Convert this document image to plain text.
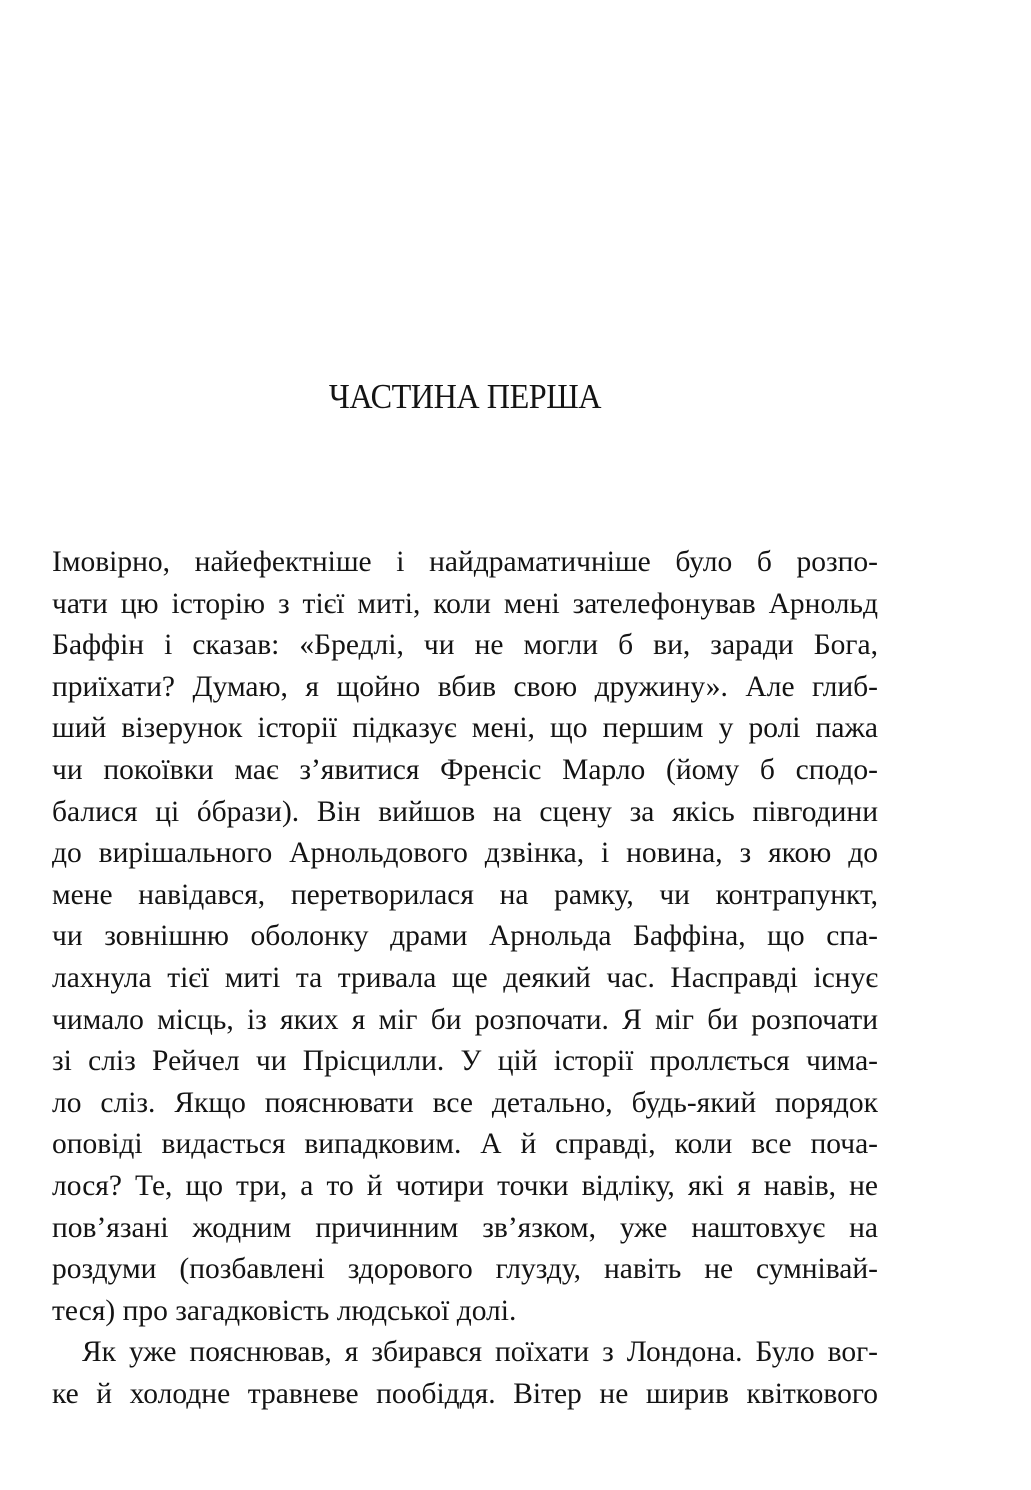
ЧАСТИНА ПЕРША
Імовірно, найефектніше і найдраматичніше було б розпо-
чати цю історію з тієї миті, коли мені зателефонував Арнольд
Баффін і сказав: «Бредлі, чи не могли б ви, заради Бога,
приїхати? Думаю, я щойно вбив свою дружину». Але глиб-
ший візерунок історії підказує мені, що першим у ролі пажа
чи покоївки має з’явитися Френсіс Марло (йому б сподо-
балися ці óбрази). Він вийшов на сцену за якісь півгодини
до вирішального Арнольдового дзвінка, і новина, з якою до
мене навідався, перетворилася на рамку, чи контрапункт,
чи зовнішню оболонку драми Арнольда Баффіна, що спа-
лахнула тієї миті та тривала ще деякий час. Насправді існує
чимало місць, із яких я міг би розпочати. Я міг би розпочати
зі сліз Рейчел чи Прісцилли. У цій історії проллється чима-
ло сліз. Якщо пояснювати все детально, будь-який порядок
оповіді видасться випадковим. А й справді, коли все поча-
лося? Те, що три, а то й чотири точки відліку, які я навів, не
пов’язані жодним причинним зв’язком, уже наштовхує на
роздуми (позбавлені здорового глузду, навіть не сумнівай-
теся) про загадковість людської долі.
Як уже пояснював, я збирався поїхати з Лондона. Було вог-
ке й холодне травневе пообіддя. Вітер не ширив квіткового
